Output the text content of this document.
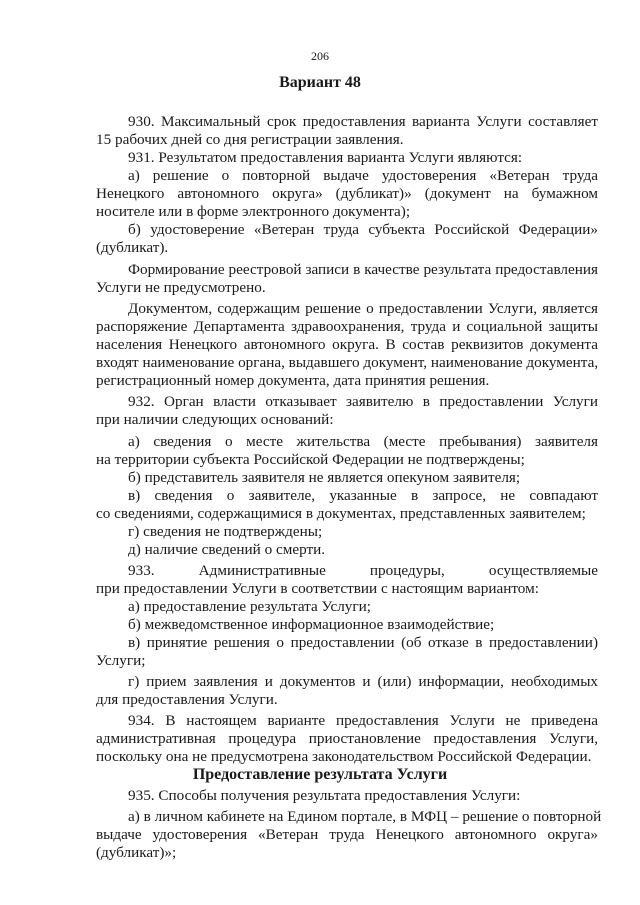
206
Вариант 48
930. Максимальный срок предоставления варианта Услуги составляет
15 рабочих дней со дня регистрации заявления.
931. Результатом предоставления варианта Услуги являются:
а) решение о повторной выдаче удостоверения «Ветеран труда
Ненецкого автономного округа» (дубликат)» (документ на бумажном
носителе или в форме электронного документа);
б) удостоверение «Ветеран труда субъекта Российской Федерации»
(дубликат).
Формирование реестровой записи в качестве результата предоставления
Услуги не предусмотрено.
Документом, содержащим решение о предоставлении Услуги, является
распоряжение Департамента здравоохранения, труда и социальной защиты
населения Ненецкого автономного округа. В состав реквизитов документа
входят наименование органа, выдавшего документ, наименование документа,
регистрационный номер документа, дата принятия решения.
932. Орган власти отказывает заявителю в предоставлении Услуги
при наличии следующих оснований:
а) сведения о месте жительства (месте пребывания) заявителя
на территории субъекта Российской Федерации не подтверждены;
б) представитель заявителя не является опекуном заявителя;
в) сведения о заявителе, указанные в запросе, не совпадают
со сведениями, содержащимися в документах, представленных заявителем;
г) сведения не подтверждены;
д) наличие сведений о смерти.
933. Административные процедуры, осуществляемые
при предоставлении Услуги в соответствии с настоящим вариантом:
а) предоставление результата Услуги;
б) межведомственное информационное взаимодействие;
в) принятие решения о предоставлении (об отказе в предоставлении)
Услуги;
г) прием заявления и документов и (или) информации, необходимых
для предоставления Услуги.
934. В настоящем варианте предоставления Услуги не приведена
административная процедура приостановление предоставления Услуги,
поскольку она не предусмотрена законодательством Российской Федерации.
935. Способы получения результата предоставления Услуги:
а) в личном кабинете на Едином портале, в МФЦ – решение о повторной
выдаче удостоверения «Ветеран труда Ненецкого автономного округа»
(дубликат)»;
Предоставление результата Услуги
